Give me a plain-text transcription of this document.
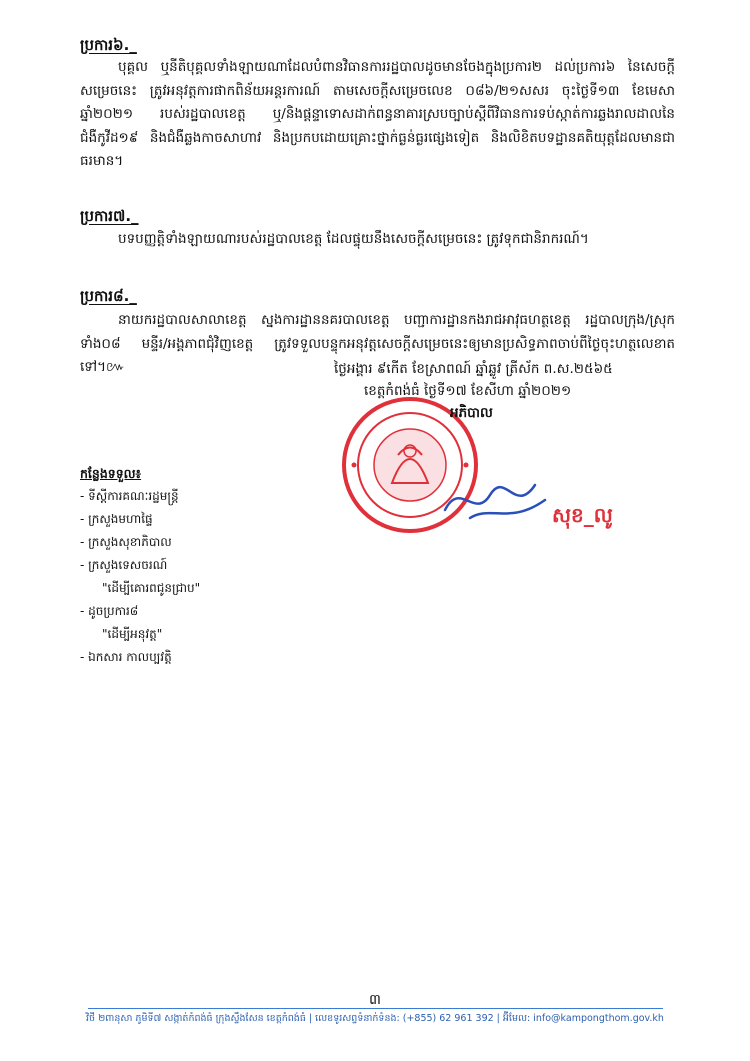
ប្រការ៦._

បុគ្គល ឬនីតិបុគ្គលទាំងឡាយណាដែលបំពានវិធានការរដ្ឋបាលដូចមានចែងក្នុងប្រការ២ ដល់ប្រការ៦ នៃសេចក្តីសម្រេចនេះ ត្រូវអនុវត្តការផាកពិន័យអន្តរការណ៍ តាមសេចក្តីសម្រេចលេខ ០៨៦/២១សសរ ចុះថ្ងៃទី១៣ ខែមេសា ឆ្នាំ២០២១ របស់រដ្ឋបាលខេត្ត ឬ/និងផ្តន្ទាទោសដាក់ពន្ធនាគារស្របច្បាប់ស្តីពីវិធានការទប់ស្កាត់ការឆ្លងរាលដាលនៃជំងឺកូវីដ១៩ និងជំងឺឆ្លងកាចសាហាវ និងប្រកបដោយគ្រោះថ្នាក់ធ្ងន់ធ្ងរផ្សេងទៀត និងលិខិតបទដ្ឋានគតិយុត្តដែលមានជាធរមាន។

ប្រការ៧._

បទបញ្ញត្តិទាំងឡាយណារបស់រដ្ឋបាលខេត្ត ដែលផ្ទុយនឹងសេចក្តីសម្រេចនេះ ត្រូវទុកជានិរាករណ៍។

ប្រការ៨._

នាយករដ្ឋបាលសាលាខេត្ត ស្នងការដ្ឋាននគរបាលខេត្ត បញ្ជាការដ្ឋានកងរាជអាវុធហត្ថខេត្ត រដ្ឋបាលក្រុង/ស្រុកទាំង០៨ មន្ទីរ/អង្គភាពជុំវិញខេត្ត ត្រូវទទួលបន្ទុកអនុវត្តសេចក្តីសម្រេចនេះឲ្យមានប្រសិទ្ធភាពចាប់ពីថ្ងៃចុះហត្ថលេខាតទៅ។៚	ថ្ងៃអង្គារ ៩កើត ខែស្រាពណ៍ ឆ្នាំឆ្លូវ ត្រីស័ក ព.ស.២៥៦៥
ខេត្តកំពង់ធំ ថ្ងៃទី១៧ ខែសីហា ឆ្នាំ២០២១
អភិបាល
សុខ_លូ
កន្លែងទទួល៖
- ទីស្តីការគណៈរដ្ឋមន្ត្រី
- ក្រសួងមហាផ្ទៃ
- ក្រសួងសុខាភិបាល
- ក្រសួងទេសចរណ៍
"ដើម្បីគោរពជូនជ្រាប"
- ដូចប្រការ៨
"ដើម្បីអនុវត្ត"
- ឯកសារ កាលប្បវត្តិ
៣
វិថី ២ពានុសា ភូមិទី៧ សង្កាត់កំពង់ធំ ក្រុងស្ទឹងសែន ខេត្តកំពង់ធំ | លេខទូរសព្ទទំនាក់ទំនង: (+855) 62 961 392 | អ៊ីមែល: info@kampongthom.gov.kh
